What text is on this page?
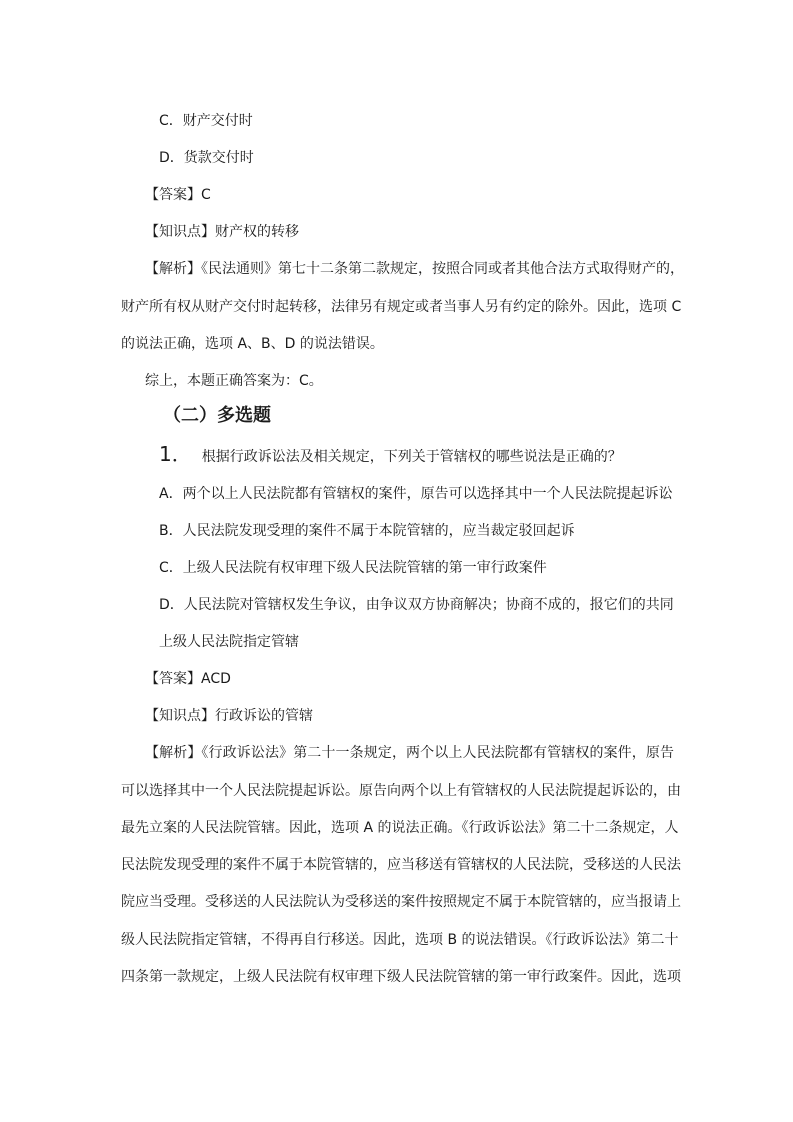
C．财产交付时
D．货款交付时
【答案】C
【知识点】财产权的转移
【解析】《民法通则》第七十二条第二款规定，按照合同或者其他合法方式取得财产的，
财产所有权从财产交付时起转移，法律另有规定或者当事人另有约定的除外。因此，选项 C
的说法正确，选项 A、B、D 的说法错误。
综上，本题正确答案为：C。
（二）多选题
1． 根据行政诉讼法及相关规定，下列关于管辖权的哪些说法是正确的？
A．两个以上人民法院都有管辖权的案件，原告可以选择其中一个人民法院提起诉讼
B．人民法院发现受理的案件不属于本院管辖的，应当裁定驳回起诉
C．上级人民法院有权审理下级人民法院管辖的第一审行政案件
D．人民法院对管辖权发生争议，由争议双方协商解决；协商不成的，报它们的共同
上级人民法院指定管辖
【答案】ACD
【知识点】行政诉讼的管辖
【解析】《行政诉讼法》第二十一条规定，两个以上人民法院都有管辖权的案件，原告
可以选择其中一个人民法院提起诉讼。原告向两个以上有管辖权的人民法院提起诉讼的，由
最先立案的人民法院管辖。因此，选项 A 的说法正确。《行政诉讼法》第二十二条规定，人
民法院发现受理的案件不属于本院管辖的，应当移送有管辖权的人民法院，受移送的人民法
院应当受理。受移送的人民法院认为受移送的案件按照规定不属于本院管辖的，应当报请上
级人民法院指定管辖，不得再自行移送。因此，选项 B 的说法错误。《行政诉讼法》第二十
四条第一款规定，上级人民法院有权审理下级人民法院管辖的第一审行政案件。因此，选项
